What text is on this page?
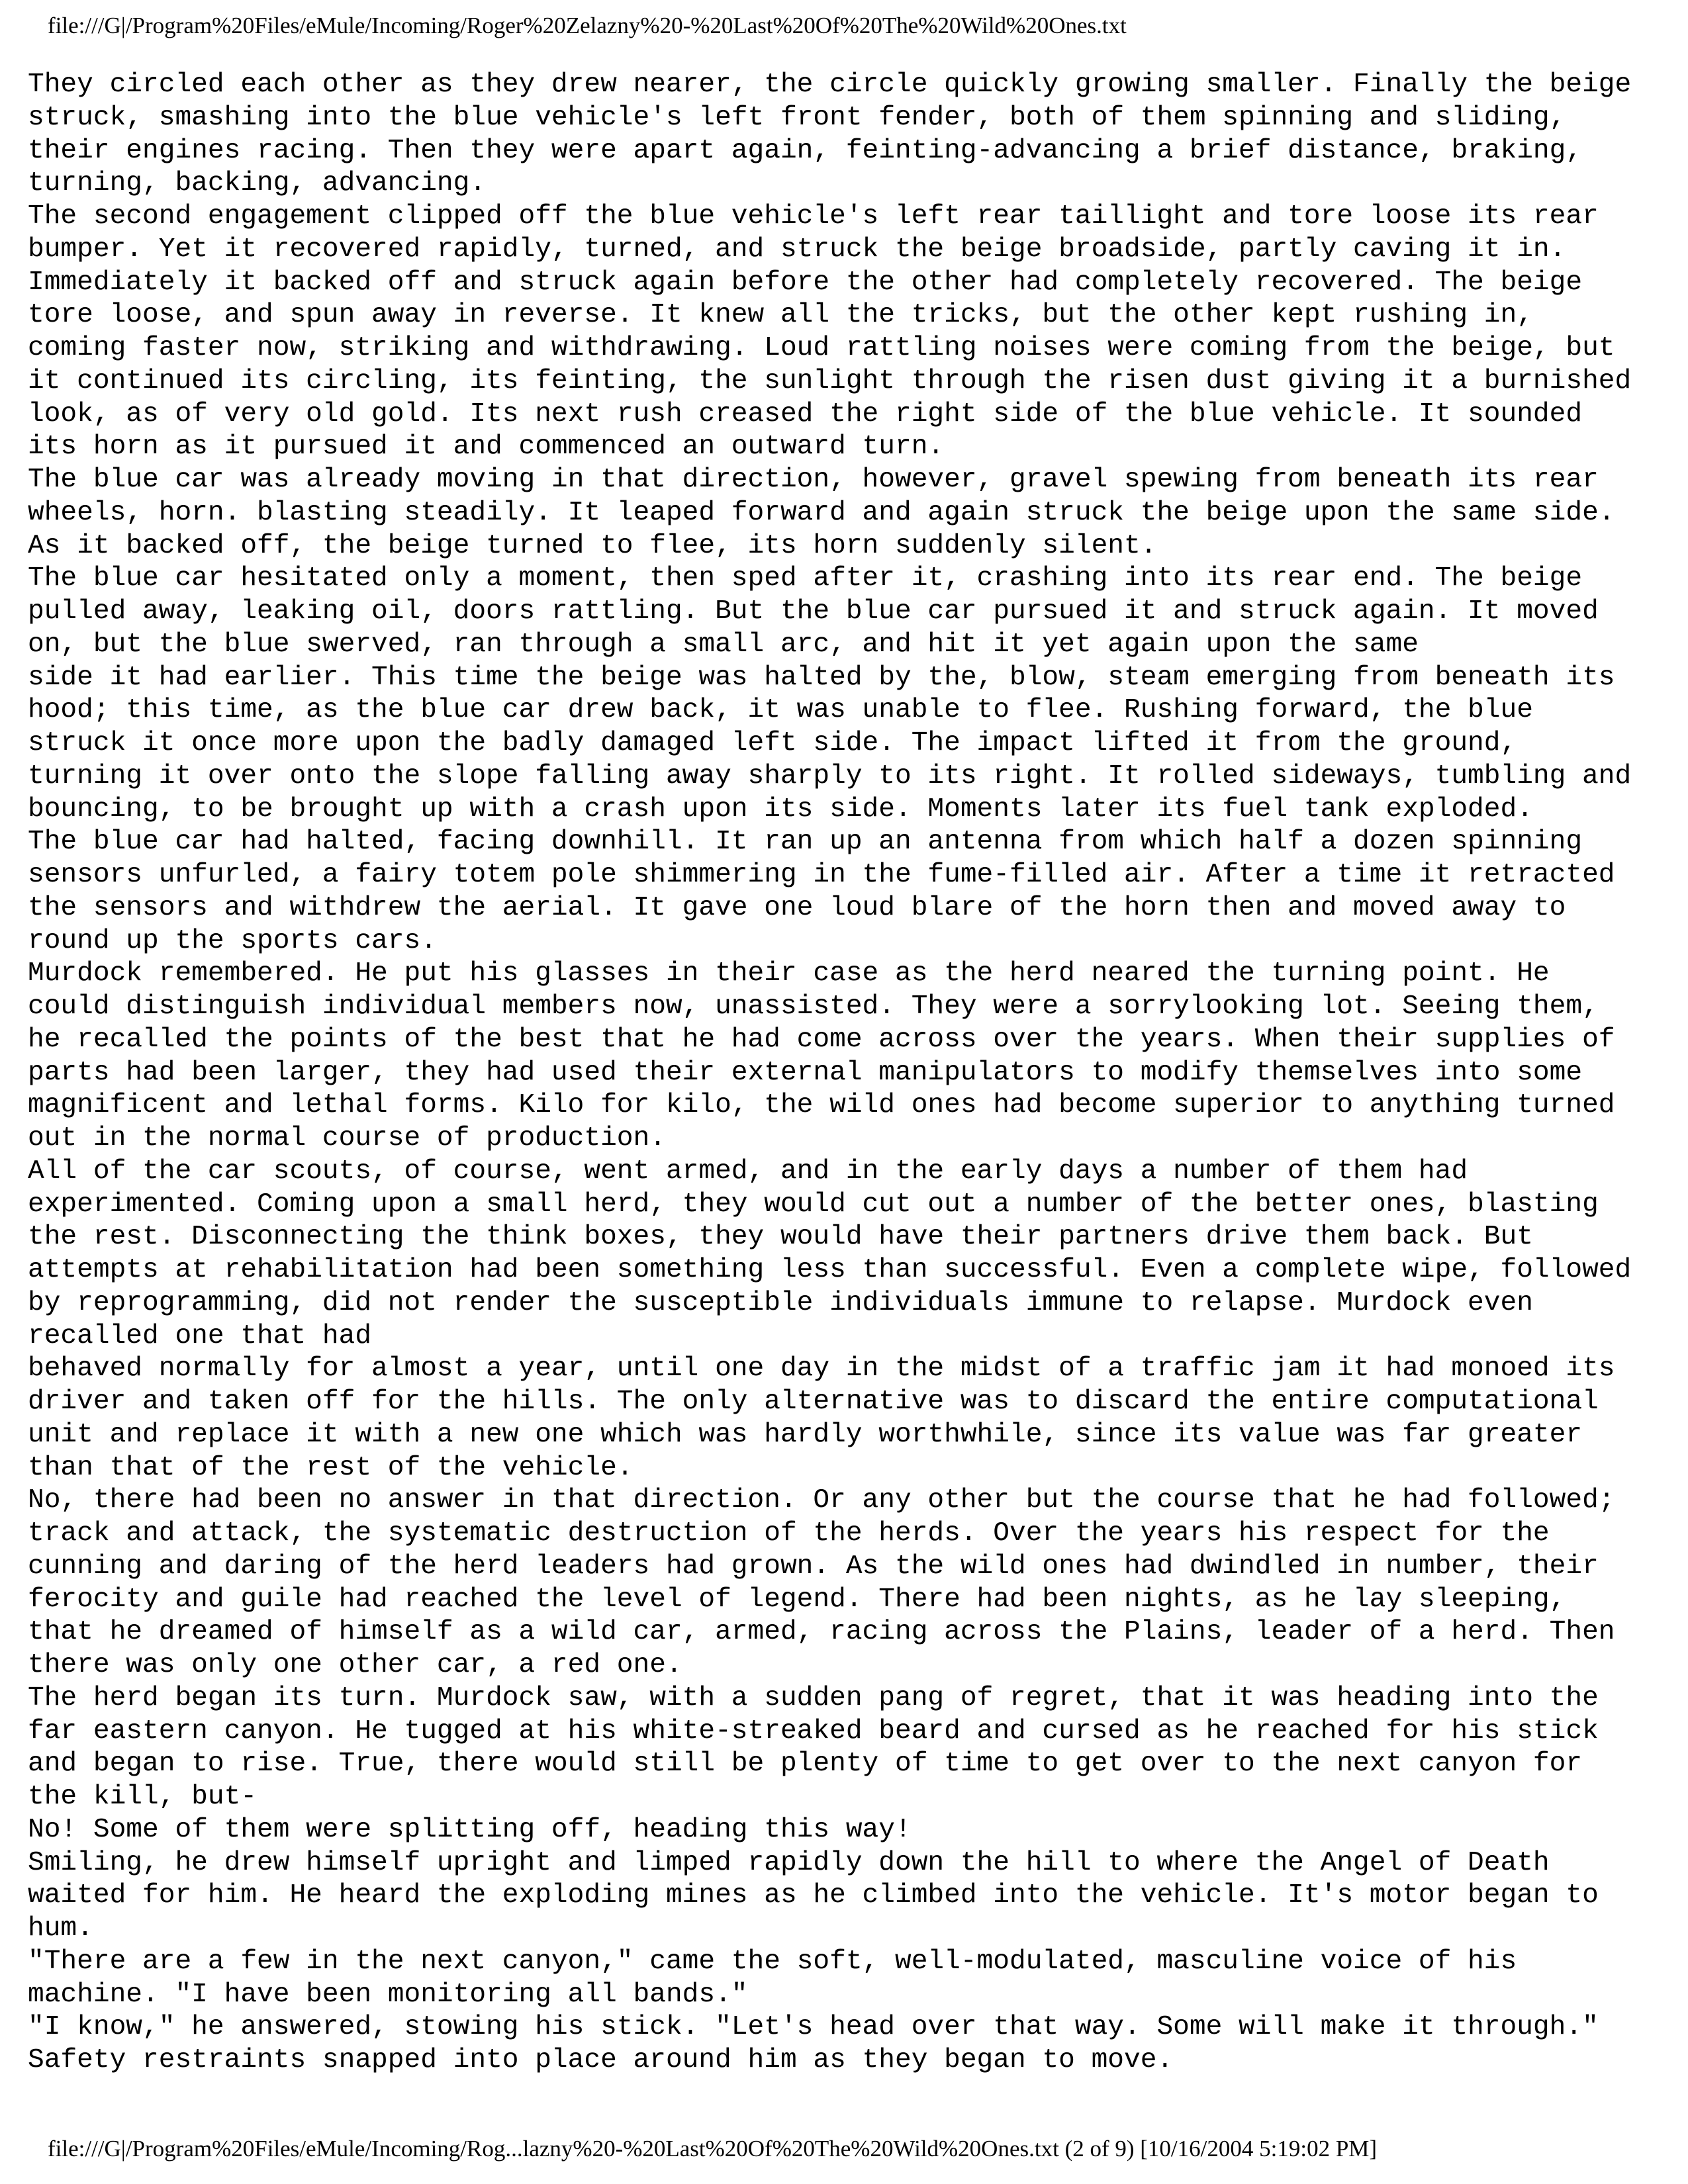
file:///G|/Program%20Files/eMule/Incoming/Roger%20Zelazny%20-%20Last%20Of%20The%20Wild%20Ones.txt
They circled each other as they drew nearer, the circle quickly growing smaller. Finally the beige
struck, smashing into the blue vehicle's left front fender, both of them spinning and sliding,
their engines racing. Then they were apart again, feinting-advancing a brief distance, braking,
turning, backing, advancing.
The second engagement clipped off the blue vehicle's left rear taillight and tore loose its rear
bumper. Yet it recovered rapidly, turned, and struck the beige broadside, partly caving it in.
Immediately it backed off and struck again before the other had completely recovered. The beige
tore loose, and spun away in reverse. It knew all the tricks, but the other kept rushing in,
coming faster now, striking and withdrawing. Loud rattling noises were coming from the beige, but
it continued its circling, its feinting, the sunlight through the risen dust giving it a burnished
look, as of very old gold. Its next rush creased the right side of the blue vehicle. It sounded
its horn as it pursued it and commenced an outward turn.
The blue car was already moving in that direction, however, gravel spewing from beneath its rear
wheels, horn. blasting steadily. It leaped forward and again struck the beige upon the same side.
As it backed off, the beige turned to flee, its horn suddenly silent.
The blue car hesitated only a moment, then sped after it, crashing into its rear end. The beige
pulled away, leaking oil, doors rattling. But the blue car pursued it and struck again. It moved
on, but the blue swerved, ran through a small arc, and hit it yet again upon the same
side it had earlier. This time the beige was halted by the, blow, steam emerging from beneath its
hood; this time, as the blue car drew back, it was unable to flee. Rushing forward, the blue
struck it once more upon the badly damaged left side. The impact lifted it from the ground,
turning it over onto the slope falling away sharply to its right. It rolled sideways, tumbling and
bouncing, to be brought up with a crash upon its side. Moments later its fuel tank exploded.
The blue car had halted, facing downhill. It ran up an antenna from which half a dozen spinning
sensors unfurled, a fairy totem pole shimmering in the fume-filled air. After a time it retracted
the sensors and withdrew the aerial. It gave one loud blare of the horn then and moved away to
round up the sports cars.
Murdock remembered. He put his glasses in their case as the herd neared the turning point. He
could distinguish individual members now, unassisted. They were a sorrylooking lot. Seeing them,
he recalled the points of the best that he had come across over the years. When their supplies of
parts had been larger, they had used their external manipulators to modify themselves into some
magnificent and lethal forms. Kilo for kilo, the wild ones had become superior to anything turned
out in the normal course of production.
All of the car scouts, of course, went armed, and in the early days a number of them had
experimented. Coming upon a small herd, they would cut out a number of the better ones, blasting
the rest. Disconnecting the think boxes, they would have their partners drive them back. But
attempts at rehabilitation had been something less than successful. Even a complete wipe, followed
by reprogramming, did not render the susceptible individuals immune to relapse. Murdock even
recalled one that had
behaved normally for almost a year, until one day in the midst of a traffic jam it had monoed its
driver and taken off for the hills. The only alternative was to discard the entire computational
unit and replace it with a new one which was hardly worthwhile, since its value was far greater
than that of the rest of the vehicle.
No, there had been no answer in that direction. Or any other but the course that he had followed;
track and attack, the systematic destruction of the herds. Over the years his respect for the
cunning and daring of the herd leaders had grown. As the wild ones had dwindled in number, their
ferocity and guile had reached the level of legend. There had been nights, as he lay sleeping,
that he dreamed of himself as a wild car, armed, racing across the Plains, leader of a herd. Then
there was only one other car, a red one.
The herd began its turn. Murdock saw, with a sudden pang of regret, that it was heading into the
far eastern canyon. He tugged at his white-streaked beard and cursed as he reached for his stick
and began to rise. True, there would still be plenty of time to get over to the next canyon for
the kill, but-
No! Some of them were splitting off, heading this way!
Smiling, he drew himself upright and limped rapidly down the hill to where the Angel of Death
waited for him. He heard the exploding mines as he climbed into the vehicle. It's motor began to
hum.
"There are a few in the next canyon," came the soft, well-modulated, masculine voice of his
machine. "I have been monitoring all bands."
"I know," he answered, stowing his stick. "Let's head over that way. Some will make it through."
Safety restraints snapped into place around him as they began to move.
file:///G|/Program%20Files/eMule/Incoming/Rog...lazny%20-%20Last%20Of%20The%20Wild%20Ones.txt (2 of 9) [10/16/2004 5:19:02 PM]
